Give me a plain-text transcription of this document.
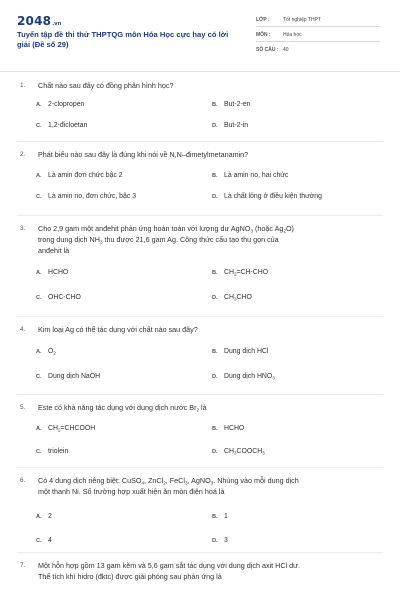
2048.vn
Tuyển tập đề thi thử THPTQG môn Hóa Học cực hay có lời giải (Đề số 29)
LỚP :	Tốt nghiệp THPT
MÔN : Hóa học
SỐ CÂU : 40
1. Chất nào sau đây có đồng phân hình học?
A. 2-clopropen	B. But-2-en
C. 1,2-đicloetan	D. But-2-in
2. Phát biểu nào sau đây là đúng khi nói về N,N–đimetylmetanamin?
A. Là amin đơn chức bậc 2	B. Là amin no, hai chức
C. Là amin no, đơn chức, bậc 3	D. Là chất lỏng ở điều kiện thường
3. Cho 2,9 gam một anđehit phản ứng hoàn toàn với lượng dư AgNO$_3$ (hoặc $Ag_2O$)
trong dung dịch $NH_3$ thu được 21,6 gam Ag. Công thức cấu tạo thu gọn của
anđehit là
A. HCHO	B. $CH_2=CH$-CHO
C. OHC-CHO	D. $CH_3CHO$
4. Kim loại Ag có thể tác dụng với chất nào sau đây?
A. $O_2$	B. Dung dịch HCl
C. Dung dịch NaOH	D. Dung dịch $HNO_3$
5. Este có khả năng tác dụng với dung dịch nước $Br_2$ là
A. $CH_2=CHCOOH$	B. HCHO
C. triolein	D. $CH_3COOCH_3$
6. Có 4 dung dịch riêng biệt: CuSO$_4$, ZnCl$_2$, FeCl$_3$, AgNO$_3$. Nhúng vào mỗi dung dịch
một thanh Ni. Số trường hợp xuất hiện ăn mòn điện hoá là
A. 2	B. 1
C. 4	D. 3
7. Một hỗn hợp gồm 13 gam kẽm và 5,6 gam sắt tác dụng với dung dịch axit HCl dư.
Thể tích khí hidro (đktc) được giải phóng sau phản ứng là
